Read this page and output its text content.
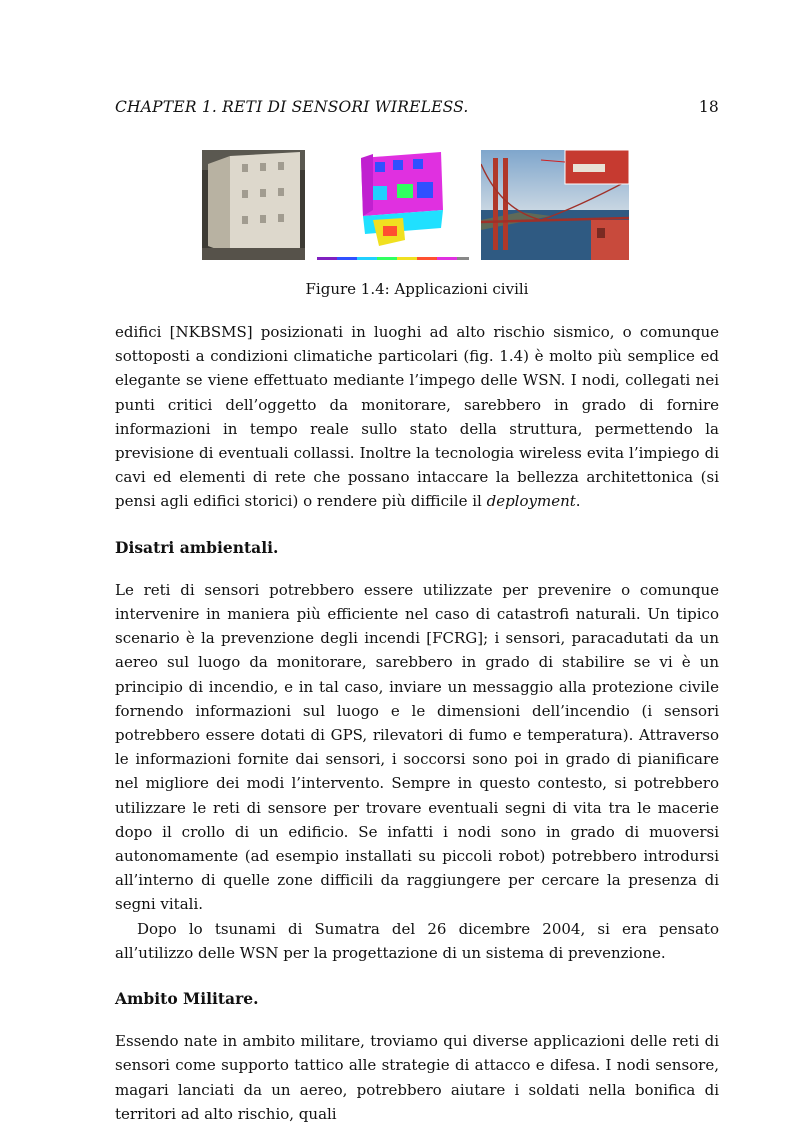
CHAPTER 1. RETI DI SENSORI WIRELESS.	18
Figure 1.4: Applicazioni civili

edifici [NKBSMS] posizionati in luoghi ad alto rischio sismico, o comunque sottoposti a condizioni climatiche particolari (fig. 1.4) è molto più semplice ed elegante se viene effettuato mediante l’impego delle WSN. I nodi, collegati nei punti critici dell’oggetto da monitorare, sarebbero in grado di fornire informazioni in tempo reale sullo stato della struttura, permettendo la previsione di eventuali collassi. Inoltre la tecnologia wireless evita l’impiego di cavi ed elementi di rete che possano intaccare la bellezza architettonica (si pensi agli edifici storici) o rendere più difficile il deployment.

Disatri ambientali.

Le reti di sensori potrebbero essere utilizzate per prevenire o comunque intervenire in maniera più efficiente nel caso di catastrofi naturali. Un tipico scenario è la prevenzione degli incendi [FCRG]; i sensori, paracadutati da un aereo sul luogo da monitorare, sarebbero in grado di stabilire se vi è un principio di incendio, e in tal caso, inviare un messaggio alla protezione civile fornendo informazioni sul luogo e le dimensioni dell’incendio (i sensori potrebbero essere dotati di GPS, rilevatori di fumo e temperatura). Attraverso le informazioni fornite dai sensori, i soccorsi sono poi in grado di pianificare nel migliore dei modi l’intervento. Sempre in questo contesto, si potrebbero utilizzare le reti di sensore per trovare eventuali segni di vita tra le macerie dopo il crollo di un edificio. Se infatti i nodi sono in grado di muoversi autonomamente (ad esempio installati su piccoli robot) potrebbero introdursi all’interno di quelle zone difficili da raggiungere per cercare la presenza di segni vitali.

Dopo lo tsunami di Sumatra del 26 dicembre 2004, si era pensato all’utilizzo delle WSN per la progettazione di un sistema di prevenzione.

Ambito Militare.

Essendo nate in ambito militare, troviamo qui diverse applicazioni delle reti di sensori come supporto tattico alle strategie di attacco e difesa. I nodi sensore, magari lanciati da un aereo, potrebbero aiutare i soldati nella bonifica di territori ad alto rischio, quali
